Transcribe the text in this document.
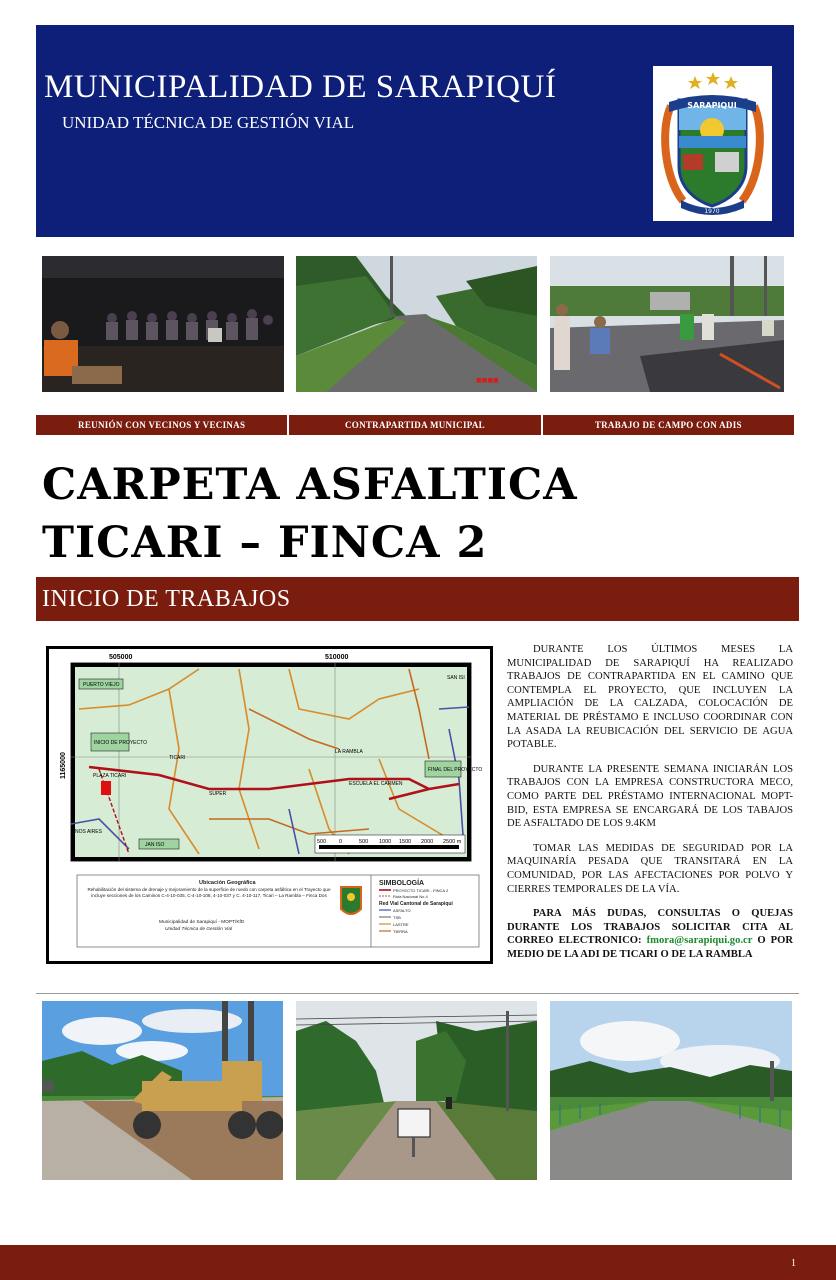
MUNICIPALIDAD DE SARAPIQUÍ
UNIDAD TÉCNICA DE GESTIÓN VIAL
SARAPIQUI
1970
■■■■
REUNIÓN CON VECINOS Y VECINAS	CONTRAPARTIDA MUNICIPAL	TRABAJO DE CAMPO CON ADIS
CARPETA ASFALTICA
TICARI – FINCA 2
INICIO DE TRABAJOS
505000	510000
1165000
PUERTO VIEJO
INICIO DE PROYECTO
TICARI
PLAZA TICARI
LA RAMBLA
ESCUELA EL CARMEN
FINAL DEL PROYECTO
SAN ISI
JAN ISO
NOS AIRES
SUPER
500 0	500 1000 1500 2000 2500 m
Ubicación Geográfica
Rehabilitación del sistema de drenaje y mejoramiento de la superficie de ruedo con carpeta asfáltica en el Trayecto que incluye secciones de los Caminos C-4-10-035, C-4-10-108, 4-10-037 y C. 4-10-117, Ticari – La Rambla – Finca Dos
Municipalidad de Sarapiquí - MOPT/KfD
Unidad Técnica de Gestión Vial
SIMBOLOGÍA
PROYECTO TICARI - FINCA 2
Ruta Nacional No 4
Red Vial Cantonal de Sarapiquí
ASFALTO
TSB
LASTRE
TIERRA

DURANTE LOS ÚLTIMOS MESES LA MUNICIPALIDAD DE SARAPIQUÍ HA REALIZADO TRABAJOS DE CONTRAPARTIDA EN EL CAMINO QUE CONTEMPLA EL PROYECTO, QUE INCLUYEN LA AMPLIACIÓN DE LA CALZADA, COLOCACIÓN DE MATERIAL DE PRÉSTAMO E INCLUSO COORDINAR CON LA ASADA LA REUBICACIÓN DEL SERVICIO DE AGUA POTABLE.

DURANTE LA PRESENTE SEMANA INICIARÁN LOS TRABAJOS CON LA EMPRESA CONSTRUCTORA MECO, COMO PARTE DEL PRÉSTAMO INTERNACIONAL MOPT-BID, ESTA EMPRESA SE ENCARGARÁ DE LOS TABAJOS DE ASFALTADO DE LOS 9.4KM

TOMAR LAS MEDIDAS DE SEGURIDAD POR LA MAQUINARÍA PESADA QUE TRANSITARÁ EN LA COMUNIDAD, POR LAS AFECTACIONES POR POLVO Y CIERRES TEMPORALES DE LA VÍA.

PARA MÁS DUDAS, CONSULTAS O QUEJAS DURANTE LOS TRABAJOS SOLICITAR CITA AL CORREO ELECTRONICO: fmora@sarapiqui.go.cr O POR MEDIO DE LA ADI DE TICARI O DE LA RAMBLA

1
